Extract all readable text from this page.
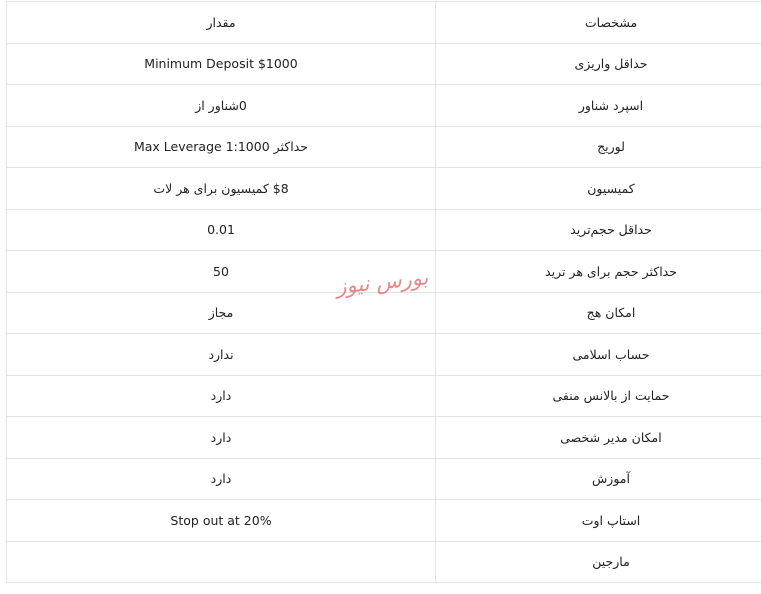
مقدار	مشخصات
Minimum Deposit $1000	حداقل واریزی
0شناور از	اسپرد شناور
Max Leverage 1:1000 حداکثر	لوریج
$8 کمیسیون برای هر لات	کمیسیون
0.01	حداقل حجم‌ترید
50	حداکثر حجم برای هر ترید
مجاز	امکان هج
ندارد	حساب اسلامی
دارد	حمایت از بالانس منفی
دارد	امکان مدیر شخصی
دارد	آموزش
Stop out at 20%	استاپ اوت
	مارجین
بورس نیوز
